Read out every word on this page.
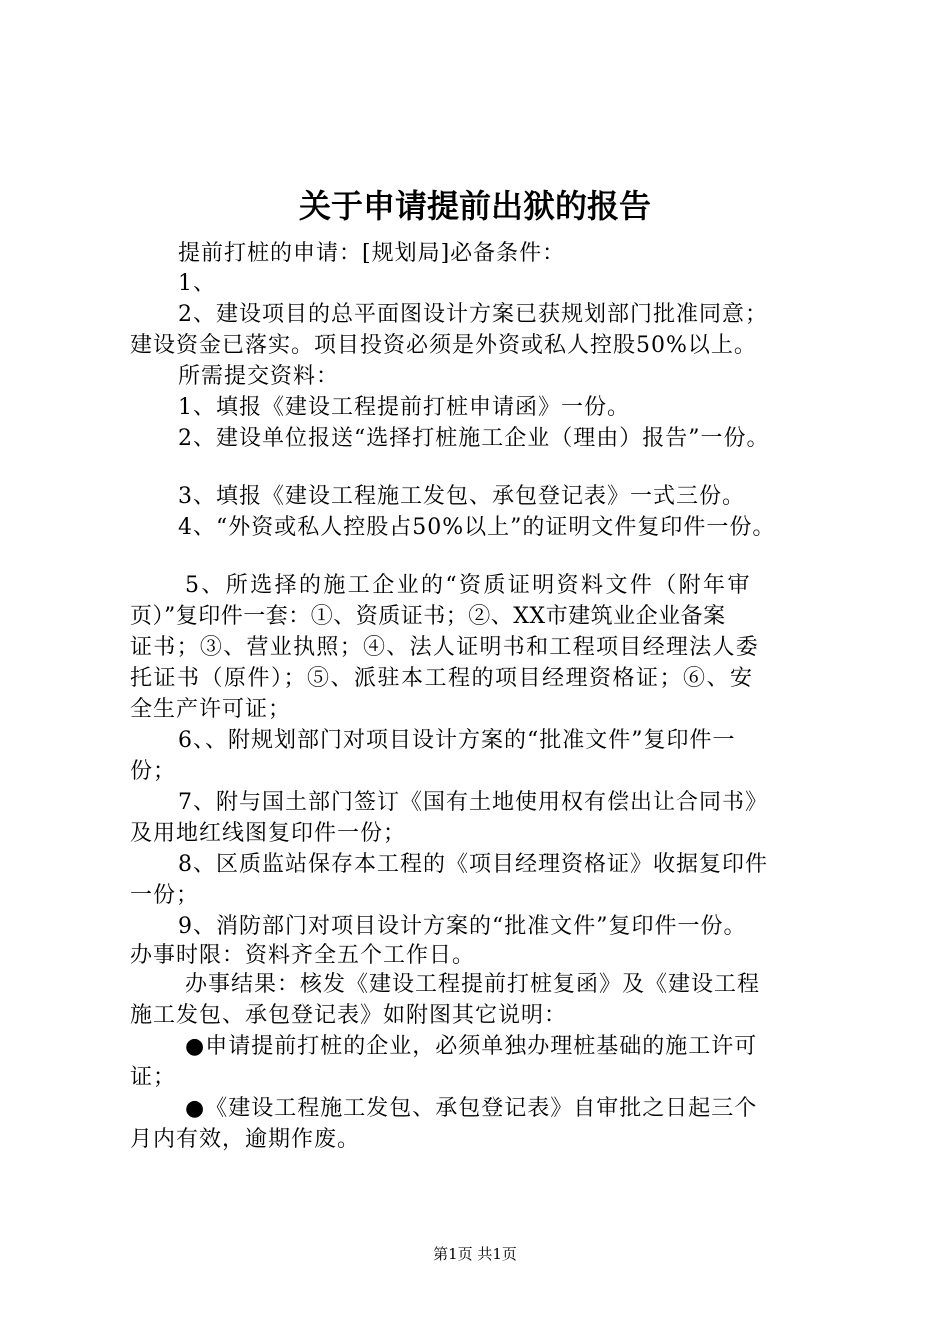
关于申请提前出狱的报告
提前打桩的申请：[规划局]必备条件：
1、
2、建设项目的总平面图设计方案已获规划部门批准同意；
建设资金已落实。项目投资必须是外资或私人控股50%以上。
所需提交资料：
1、填报《建设工程提前打桩申请函》一份。
2、建设单位报送“选择打桩施工企业（理由）报告”一份。
3、填报《建设工程施工发包、承包登记表》一式三份。
4、“外资或私人控股占50%以上”的证明文件复印件一份。
5、所选择的施工企业的“资质证明资料文件（附年审
页）”复印件一套：①、资质证书；②、XX市建筑业企业备案
证书；③、营业执照；④、法人证明书和工程项目经理法人委
托证书（原件）；⑤、派驻本工程的项目经理资格证；⑥、安
全生产许可证；
6、、附规划部门对项目设计方案的“批准文件”复印件一
份；
7、附与国土部门签订《国有土地使用权有偿出让合同书》
及用地红线图复印件一份；
8、区质监站保存本工程的《项目经理资格证》收据复印件
一份；
9、消防部门对项目设计方案的“批准文件”复印件一份。
办事时限：资料齐全五个工作日。
办事结果：核发《建设工程提前打桩复函》及《建设工程
施工发包、承包登记表》如附图其它说明：
●申请提前打桩的企业，必须单独办理桩基础的施工许可
证；
●《建设工程施工发包、承包登记表》自审批之日起三个
月内有效，逾期作废。
第1页 共1页
